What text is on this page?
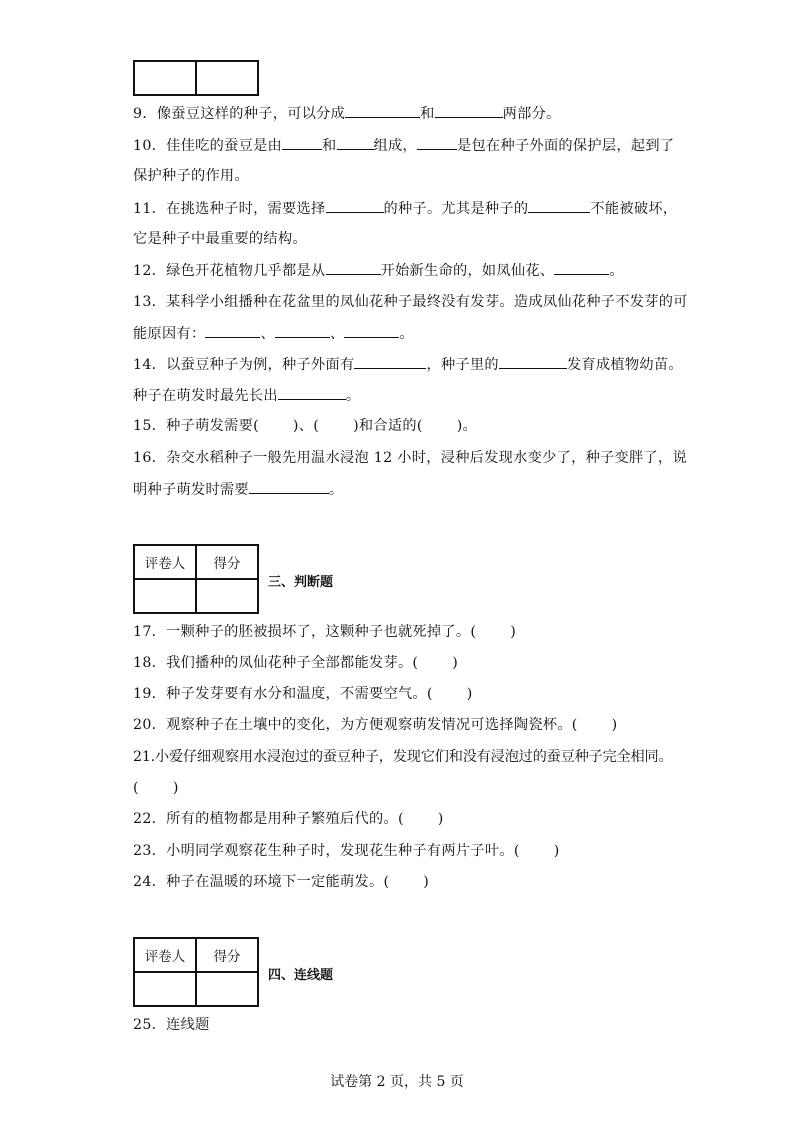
9．像蚕豆这样的种子，可以分成	和	两部分。
10．佳佳吃的蚕豆是由	和	组成，	是包在种子外面的保护层，起到了
保护种子的作用。
11．在挑选种子时，需要选择	的种子。尤其是种子的	不能被破坏，
它是种子中最重要的结构。
12．绿色开花植物几乎都是从	开始新生命的，如凤仙花、	。
13．某科学小组播种在花盆里的凤仙花种子最终没有发芽。造成凤仙花种子不发芽的可
能原因有：	、	、	。
14．以蚕豆种子为例，种子外面有	，种子里的	发育成植物幼苗。
种子在萌发时最先长出	。
15．种子萌发需要( )、( )和合适的( )。
16．杂交水稻种子一般先用温水浸泡 12 小时，浸种后发现水变少了，种子变胖了，说
明种子萌发时需要	。
评卷人	得分

三、判断题
17．一颗种子的胚被损坏了，这颗种子也就死掉了。( )
18．我们播种的凤仙花种子全部都能发芽。( )
19．种子发芽要有水分和温度，不需要空气。( )
20．观察种子在土壤中的变化，为方便观察萌发情况可选择陶瓷杯。( )
21.小爱仔细观察用水浸泡过的蚕豆种子，发现它们和没有浸泡过的蚕豆种子完全相同。
( )
22．所有的植物都是用种子繁殖后代的。( )
23．小明同学观察花生种子时，发现花生种子有两片子叶。( )
24．种子在温暖的环境下一定能萌发。( )
评卷人	得分

四、连线题
25．连线题
试卷第 2 页，共 5 页
